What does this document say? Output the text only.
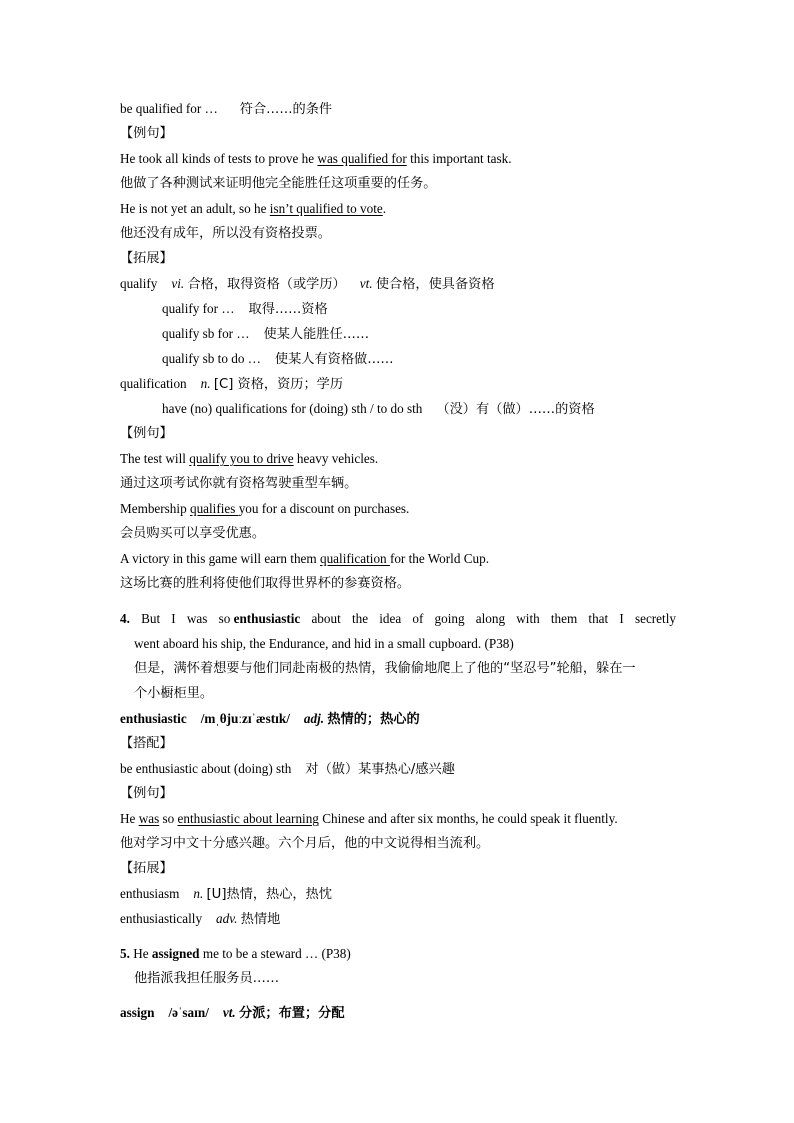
be qualified for … 符合……的条件
【例句】
He took all kinds of tests to prove he was qualified for this important task.
他做了各种测试来证明他完全能胜任这项重要的任务。
He is not yet an adult, so he isn’t qualified to vote.
他还没有成年，所以没有资格投票。
【拓展】
qualify vi. 合格，取得资格（或学历） vt. 使合格，使具备资格
qualify for … 取得……资格
qualify sb for … 使某人能胜任……
qualify sb to do … 使某人有资格做……
qualification n. [C] 资格，资历；学历
have (no) qualifications for (doing) sth / to do sth （没）有（做）……的资格
【例句】
The test will qualify you to drive heavy vehicles.
通过这项考试你就有资格驾驶重型车辆。
Membership qualifies you for a discount on purchases.
会员购买可以享受优惠。
A victory in this game will earn them qualification for the World Cup.
这场比赛的胜利将使他们取得世界杯的参赛资格。
4. But I was so enthusiastic about the idea of going along with them that I secretly
went aboard his ship, the Endurance, and hid in a small cupboard. (P38)
但是，满怀着想要与他们同赴南极的热情，我偷偷地爬上了他的“坚忍号”轮船，躲在一
个小橱柜里。
enthusiastic /mˌθjuːzɪˈæstɪk/ adj. 热情的；热心的
【搭配】
be enthusiastic about (doing) sth 对（做）某事热心/感兴趣
【例句】
He was so enthusiastic about learning Chinese and after six months, he could speak it fluently.
他对学习中文十分感兴趣。六个月后，他的中文说得相当流利。
【拓展】
enthusiasm n. [U]热情，热心，热忱
enthusiastically adv. 热情地
5. He assigned me to be a steward … (P38)
他指派我担任服务员……
assign /əˈsaɪn/ vt. 分派；布置；分配
